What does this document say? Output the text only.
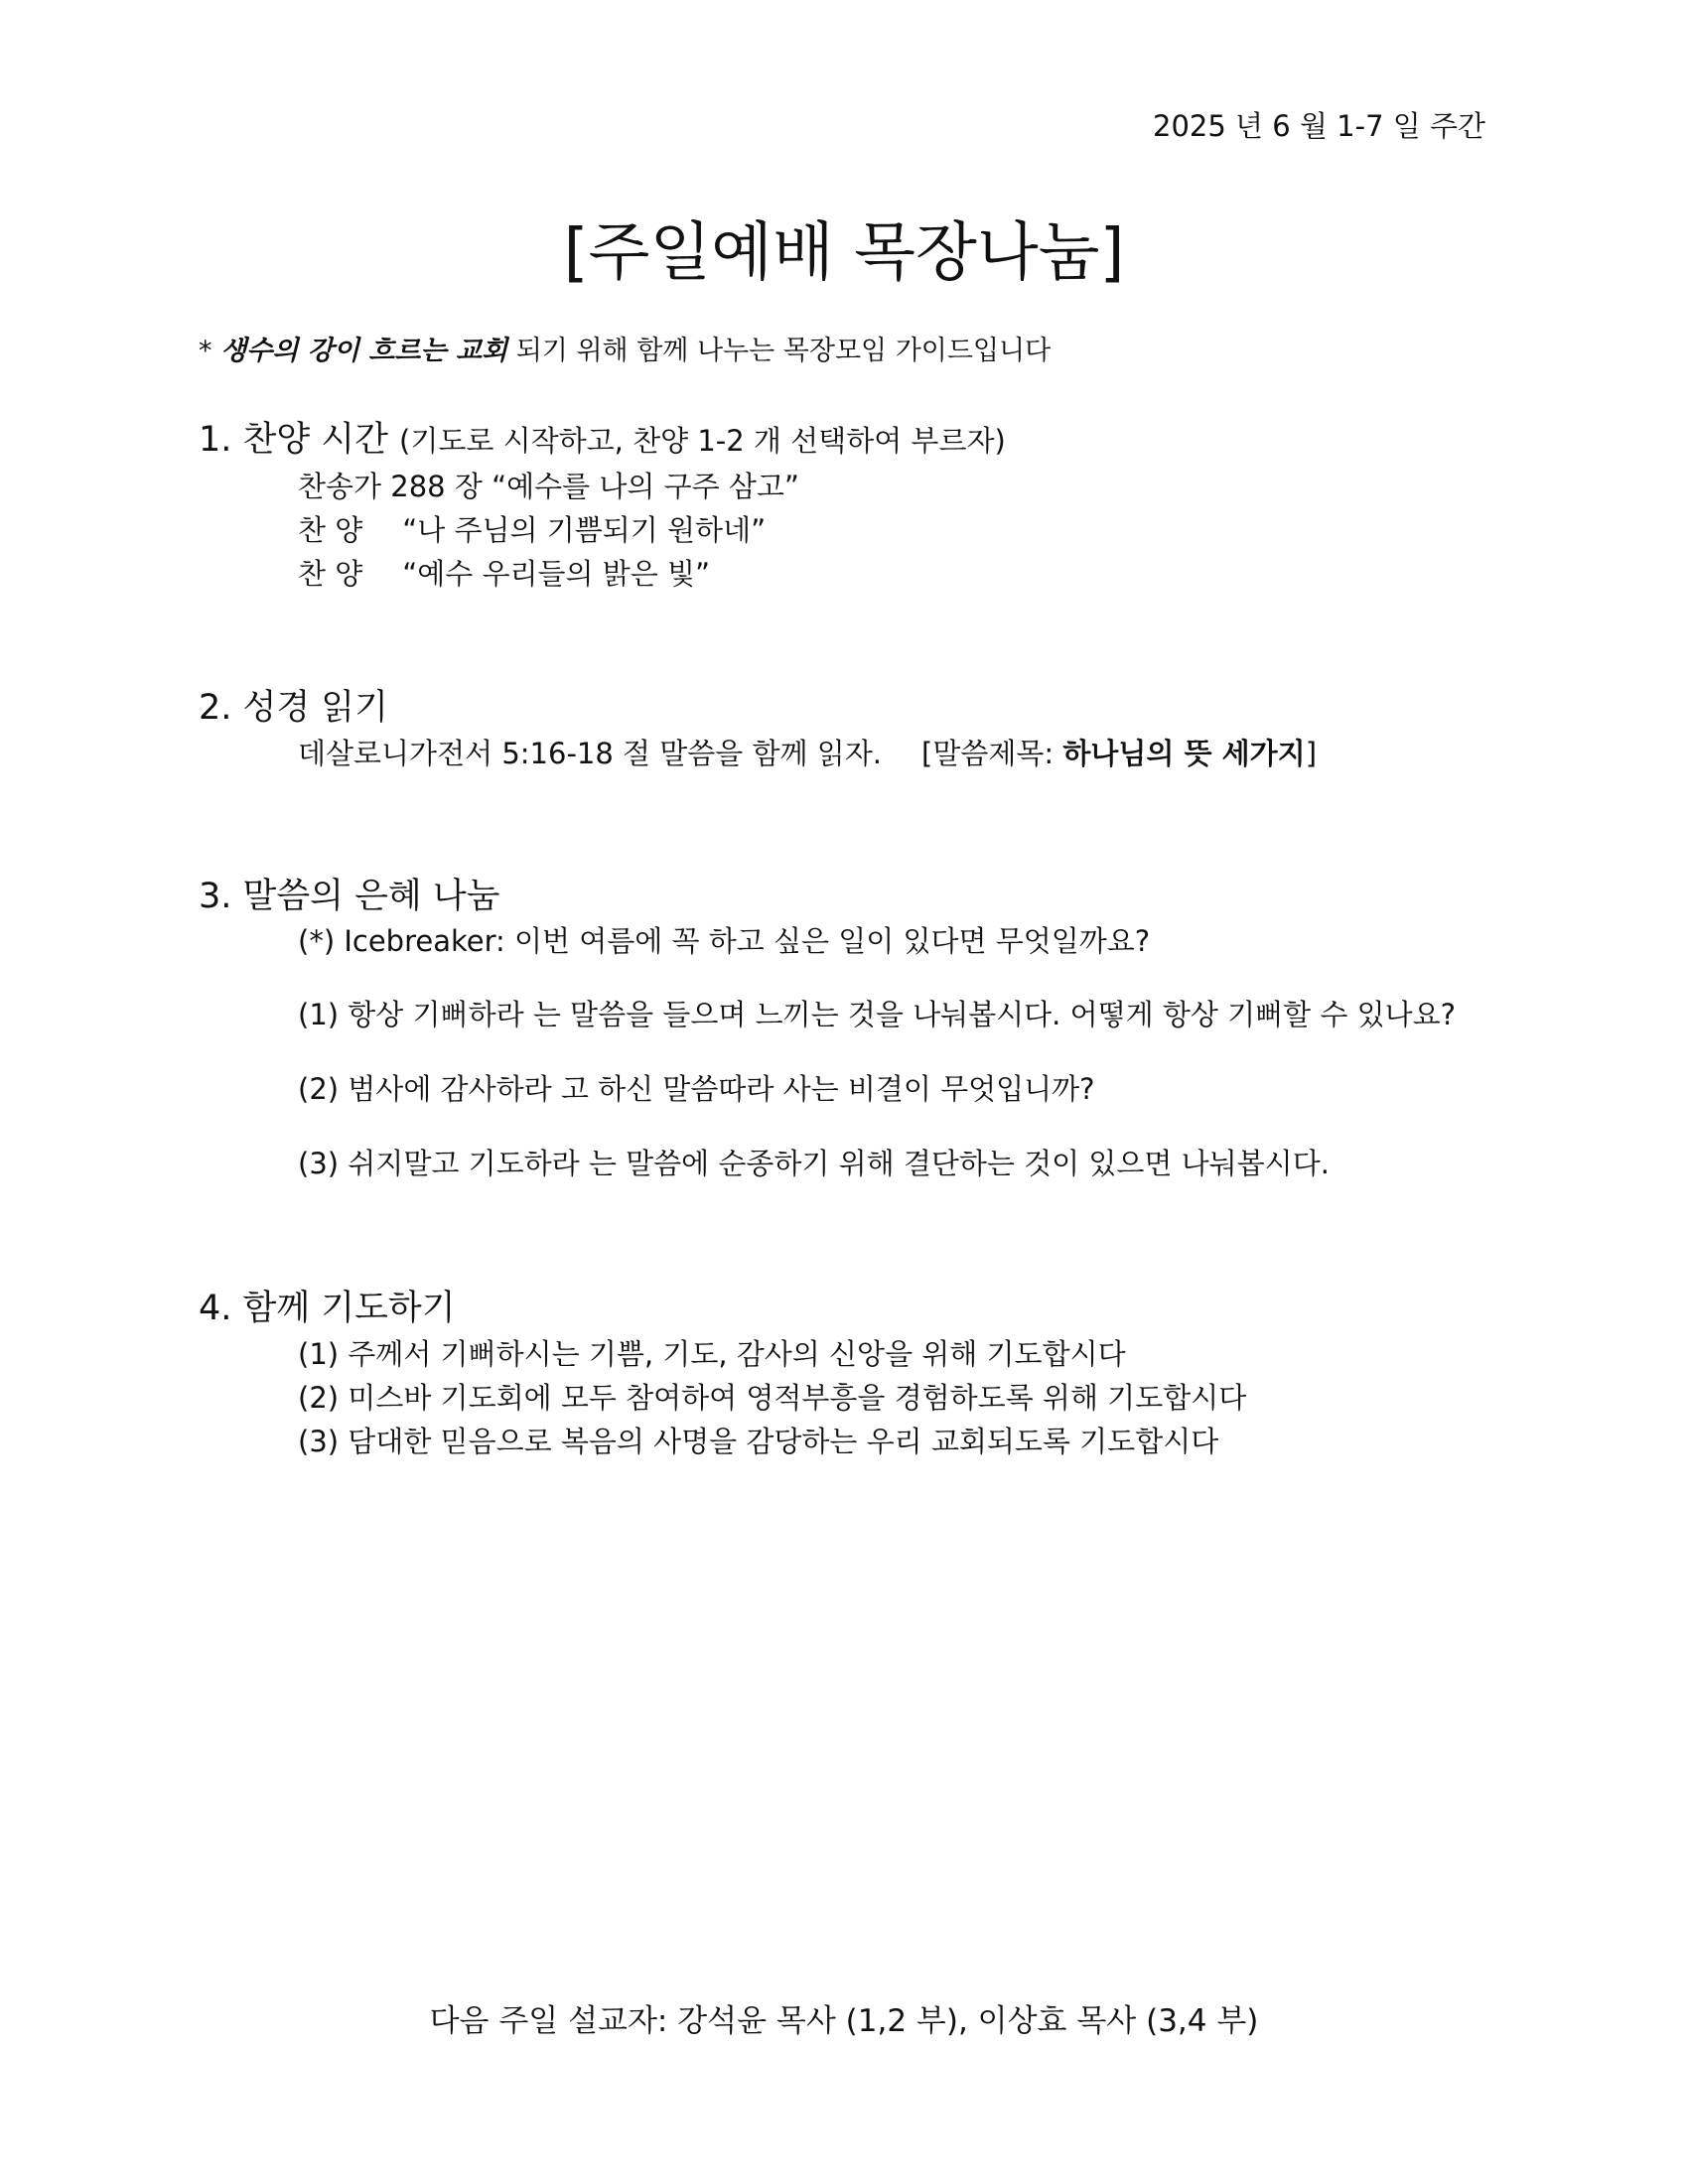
2025 년 6 월 1-7 일 주간
[주일예배 목장나눔]
* 생수의 강이 흐르는 교회 되기 위해 함께 나누는 목장모임 가이드입니다
1. 찬양 시간 (기도로 시작하고, 찬양 1-2 개 선택하여 부르자)
찬송가 288 장 “예수를 나의 구주 삼고”
찬 양 “나 주님의 기쁨되기 원하네”
찬 양 “예수 우리들의 밝은 빛”
2. 성경 읽기
데살로니가전서 5:16-18 절 말씀을 함께 읽자. [말씀제목: 하나님의 뜻 세가지]
3. 말씀의 은혜 나눔
(*) Icebreaker: 이번 여름에 꼭 하고 싶은 일이 있다면 무엇일까요?
(1) 항상 기뻐하라 는 말씀을 들으며 느끼는 것을 나눠봅시다. 어떻게 항상 기뻐할 수 있나요?
(2) 범사에 감사하라 고 하신 말씀따라 사는 비결이 무엇입니까?
(3) 쉬지말고 기도하라 는 말씀에 순종하기 위해 결단하는 것이 있으면 나눠봅시다.
4. 함께 기도하기
(1) 주께서 기뻐하시는 기쁨, 기도, 감사의 신앙을 위해 기도합시다
(2) 미스바 기도회에 모두 참여하여 영적부흥을 경험하도록 위해 기도합시다
(3) 담대한 믿음으로 복음의 사명을 감당하는 우리 교회되도록 기도합시다
다음 주일 설교자: 강석윤 목사 (1,2 부), 이상효 목사 (3,4 부)
